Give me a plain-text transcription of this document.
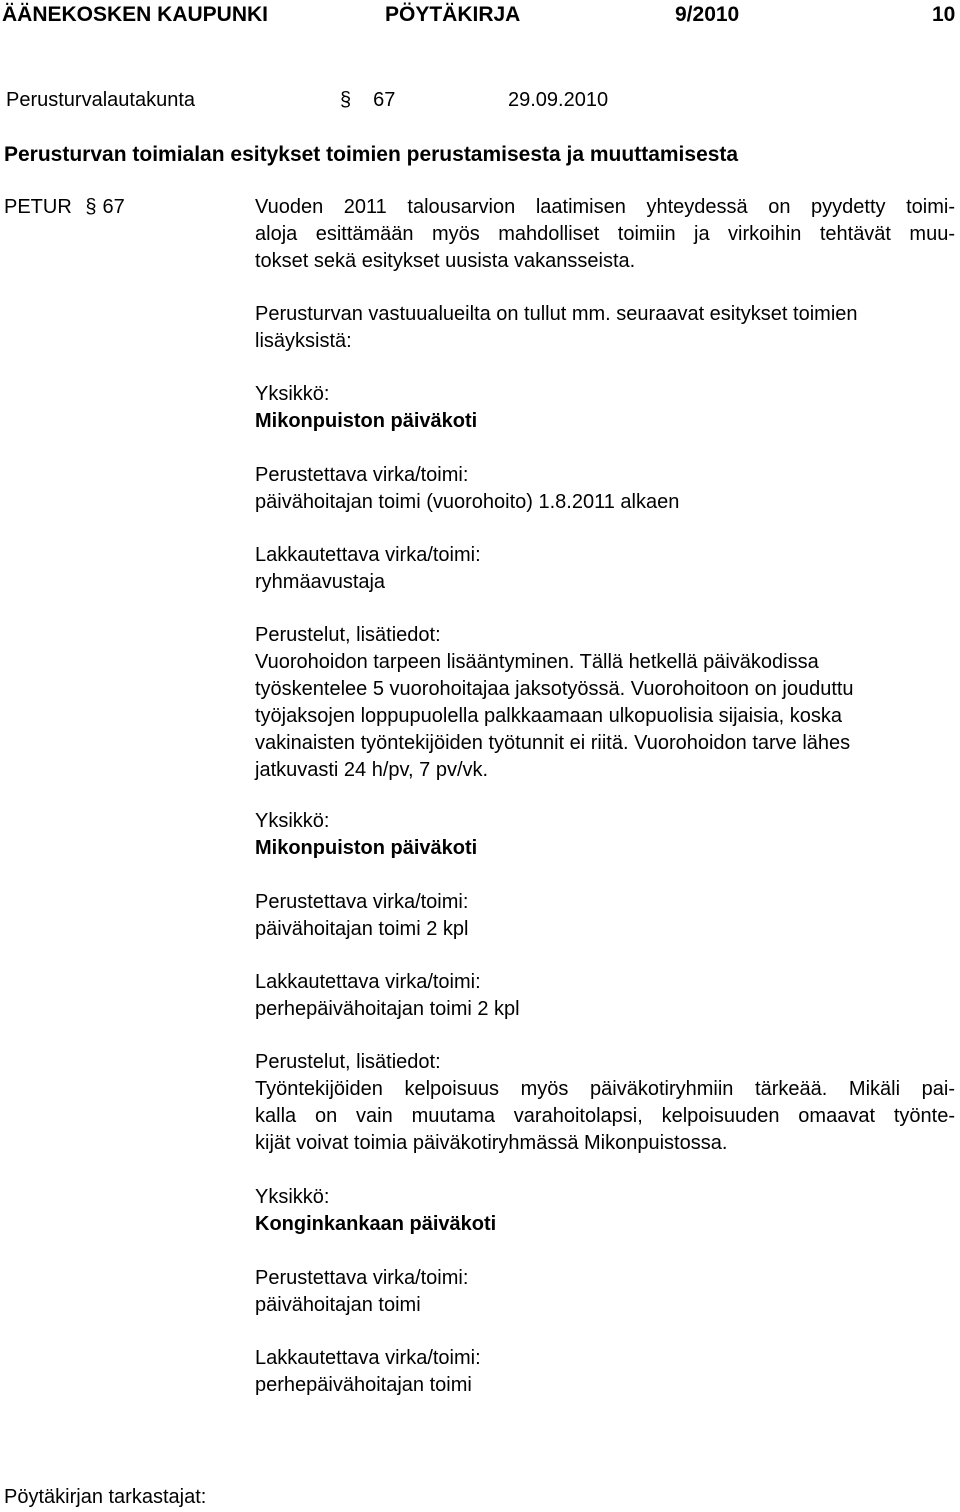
ÄÄNEKOSKEN KAUPUNKI	PÖYTÄKIRJA	9/2010	10
Perusturvalautakunta	§ 67	29.09.2010
Perusturvan toimialan esitykset toimien perustamisesta ja muuttamisesta
PETUR § 67	Vuoden 2011 talousarvion laatimisen yhteydessä on pyydetty toimi-
aloja esittämään myös mahdolliset toimiin ja virkoihin tehtävät muu-
tokset sekä esitykset uusista vakansseista.
Perusturvan vastuualueilta on tullut mm. seuraavat esitykset toimien
lisäyksistä:
Yksikkö:
Mikonpuiston päiväkoti
Perustettava virka/toimi:
päivähoitajan toimi (vuorohoito) 1.8.2011 alkaen
Lakkautettava virka/toimi:
ryhmäavustaja
Perustelut, lisätiedot:
Vuorohoidon tarpeen lisääntyminen. Tällä hetkellä päiväkodissa
työskentelee 5 vuorohoitajaa jaksotyössä. Vuorohoitoon on jouduttu
työjaksojen loppupuolella palkkaamaan ulkopuolisia sijaisia, koska
vakinaisten työntekijöiden työtunnit ei riitä. Vuorohoidon tarve lähes
jatkuvasti 24 h/pv, 7 pv/vk.
Yksikkö:
Mikonpuiston päiväkoti
Perustettava virka/toimi:
päivähoitajan toimi 2 kpl
Lakkautettava virka/toimi:
perhepäivähoitajan toimi 2 kpl
Perustelut, lisätiedot:
Työntekijöiden kelpoisuus myös päiväkotiryhmiin tärkeää. Mikäli pai-
kalla on vain muutama varahoitolapsi, kelpoisuuden omaavat työnte-
kijät voivat toimia päiväkotiryhmässä Mikonpuistossa.
Yksikkö:
Konginkankaan päiväkoti
Perustettava virka/toimi:
päivähoitajan toimi
Lakkautettava virka/toimi:
perhepäivähoitajan toimi
Pöytäkirjan tarkastajat:
